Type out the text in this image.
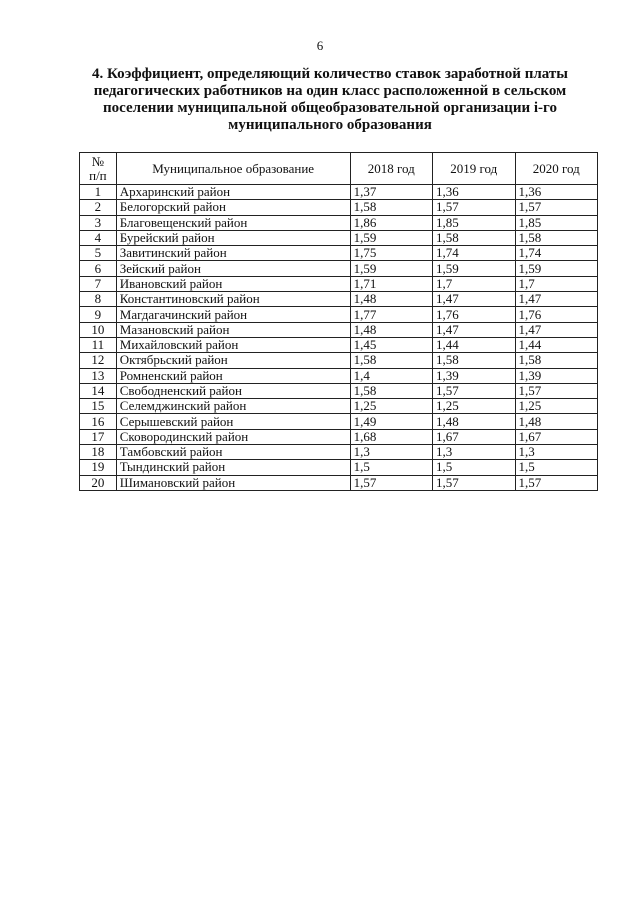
6
4. Коэффициент, определяющий количество ставок заработной платы педагогических работников на один класс расположенной в сельском поселении муниципальной общеобразовательной организации i-го муниципального образования
№
п/п	Муниципальное образование	2018 год	2019 год	2020 год
1	Архаринский район	1,37	1,36	1,36
2	Белогорский район	1,58	1,57	1,57
3	Благовещенский район	1,86	1,85	1,85
4	Бурейский район	1,59	1,58	1,58
5	Завитинский район	1,75	1,74	1,74
6	Зейский район	1,59	1,59	1,59
7	Ивановский район	1,71	1,7	1,7
8	Константиновский район	1,48	1,47	1,47
9	Магдагачинский район	1,77	1,76	1,76
10	Мазановский район	1,48	1,47	1,47
11	Михайловский район	1,45	1,44	1,44
12	Октябрьский район	1,58	1,58	1,58
13	Ромненский район	1,4	1,39	1,39
14	Свободненский район	1,58	1,57	1,57
15	Селемджинский район	1,25	1,25	1,25
16	Серышевский район	1,49	1,48	1,48
17	Сковородинский район	1,68	1,67	1,67
18	Тамбовский район	1,3	1,3	1,3
19	Тындинский район	1,5	1,5	1,5
20	Шимановский район	1,57	1,57	1,57
